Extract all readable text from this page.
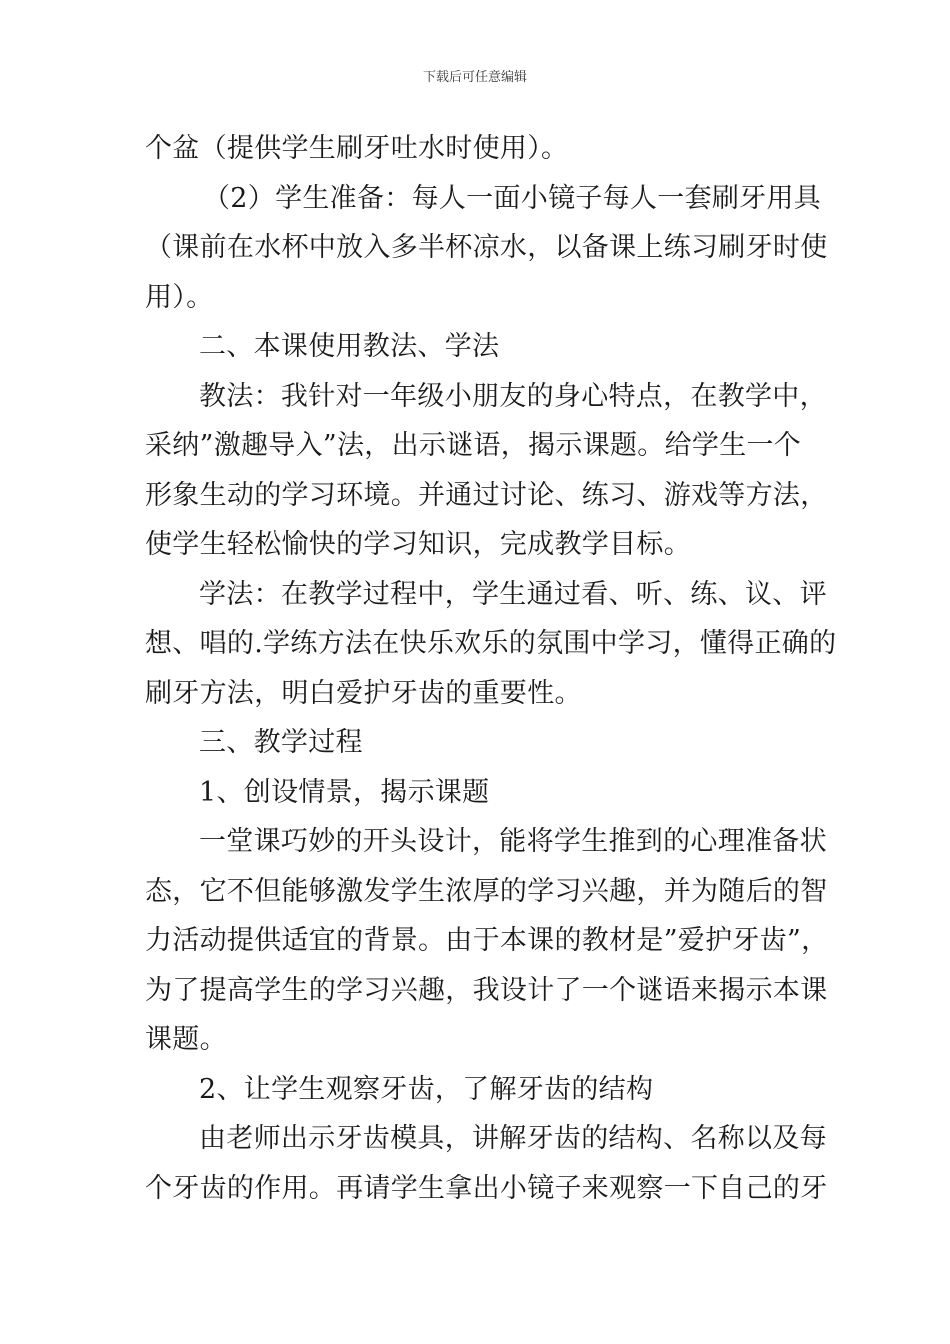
下载后可任意编辑
个盆（提供学生刷牙吐水时使用）。
（2）学生准备：每人一面小镜子每人一套刷牙用具
（课前在水杯中放入多半杯凉水，以备课上练习刷牙时使
用）。
二、本课使用教法、学法
教法：我针对一年级小朋友的身心特点，在教学中，
采纳”激趣导入”法，出示谜语，揭示课题。给学生一个
形象生动的学习环境。并通过讨论、练习、游戏等方法，
使学生轻松愉快的学习知识，完成教学目标。
学法：在教学过程中，学生通过看、听、练、议、评
想、唱的.学练方法在快乐欢乐的氛围中学习，懂得正确的
刷牙方法，明白爱护牙齿的重要性。
三、教学过程
1、创设情景，揭示课题
一堂课巧妙的开头设计，能将学生推到的心理准备状
态，它不但能够激发学生浓厚的学习兴趣，并为随后的智
力活动提供适宜的背景。由于本课的教材是”爱护牙齿”，
为了提高学生的学习兴趣，我设计了一个谜语来揭示本课
课题。
2、让学生观察牙齿，了解牙齿的结构
由老师出示牙齿模具，讲解牙齿的结构、名称以及每
个牙齿的作用。再请学生拿出小镜子来观察一下自己的牙
